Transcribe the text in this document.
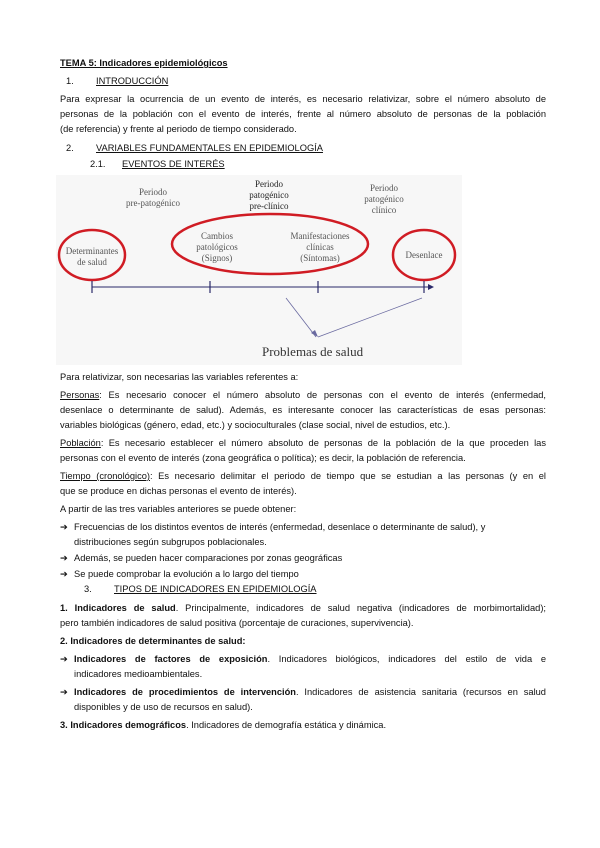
TEMA 5: Indicadores epidemiológicos
1. INTRODUCCIÓN
Para expresar la ocurrencia de un evento de interés, es necesario relativizar, sobre el número absoluto de
personas de la población con el evento de interés, frente al número absoluto de personas de la población
(de referencia) y frente al periodo de tiempo considerado.
2. VARIABLES FUNDAMENTALES EN EPIDEMIOLOGÍA
2.1. EVENTOS DE INTERÉS
Periodo
pre-patogénico
Periodo
patogénico
pre-clínico
Periodo
patogénico
clínico
Determinantes
de salud
Cambios
patológicos
(Signos)
Manifestaciones
clínicas
(Síntomas)	Desenlace
Problemas de salud
Para relativizar, son necesarias las variables referentes a:
Personas: Es necesario conocer el número absoluto de personas con el evento de interés (enfermedad,
desenlace o determinante de salud). Además, es interesante conocer las características de esas personas:
variables biológicas (género, edad, etc.) y socioculturales (clase social, nivel de estudios, etc.).
Población: Es necesario establecer el número absoluto de personas de la población de la que proceden las
personas con el evento de interés (zona geográfica o política); es decir, la población de referencia.
Tiempo (cronológico): Es necesario delimitar el periodo de tiempo que se estudian a las personas (y en el
que se produce en dichas personas el evento de interés).
A partir de las tres variables anteriores se puede obtener:
➔ Frecuencias de los distintos eventos de interés (enfermedad, desenlace o determinante de salud), y
distribuciones según subgrupos poblacionales.
➔ Además, se pueden hacer comparaciones por zonas geográficas
➔ Se puede comprobar la evolución a lo largo del tiempo
3. TIPOS DE INDICADORES EN EPIDEMIOLOGÍA
1. Indicadores de salud. Principalmente, indicadores de salud negativa (indicadores de morbimortalidad);
pero también indicadores de salud positiva (porcentaje de curaciones, supervivencia).
2. Indicadores de determinantes de salud:
➔ Indicadores de factores de exposición. Indicadores biológicos, indicadores del estilo de vida e
indicadores medioambientales.
➔ Indicadores de procedimientos de intervención. Indicadores de asistencia sanitaria (recursos en salud
disponibles y de uso de recursos en salud).
3. Indicadores demográficos. Indicadores de demografía estática y dinámica.
